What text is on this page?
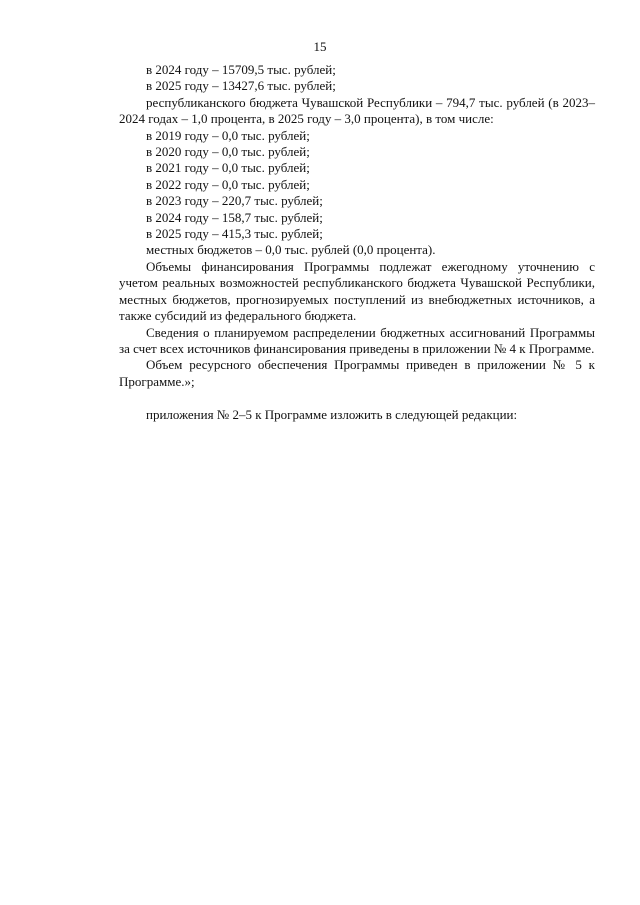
15
в 2024 году – 15709,5 тыс. рублей;
в 2025 году – 13427,6 тыс. рублей;

республиканского бюджета Чувашской Республики – 794,7 тыс. рублей (в 2023–2024 годах – 1,0 процента, в 2025 году – 3,0 процента), в том числе:

в 2019 году – 0,0 тыс. рублей;
в 2020 году – 0,0 тыс. рублей;
в 2021 году – 0,0 тыс. рублей;
в 2022 году – 0,0 тыс. рублей;
в 2023 году – 220,7 тыс. рублей;
в 2024 году – 158,7 тыс. рублей;
в 2025 году – 415,3 тыс. рублей;
местных бюджетов – 0,0 тыс. рублей (0,0 процента).

Объемы финансирования Программы подлежат ежегодному уточнению с учетом реальных возможностей республиканского бюджета Чувашской Республики, местных бюджетов, прогнозируемых поступлений из внебюджетных источников, а также субсидий из федерального бюджета.

Сведения о планируемом распределении бюджетных ассигнований Программы за счет всех источников финансирования приведены в приложении № 4 к Программе.

Объем ресурсного обеспечения Программы приведен в приложении № 5 к Программе.»;

приложения № 2–5 к Программе изложить в следующей редакции:
